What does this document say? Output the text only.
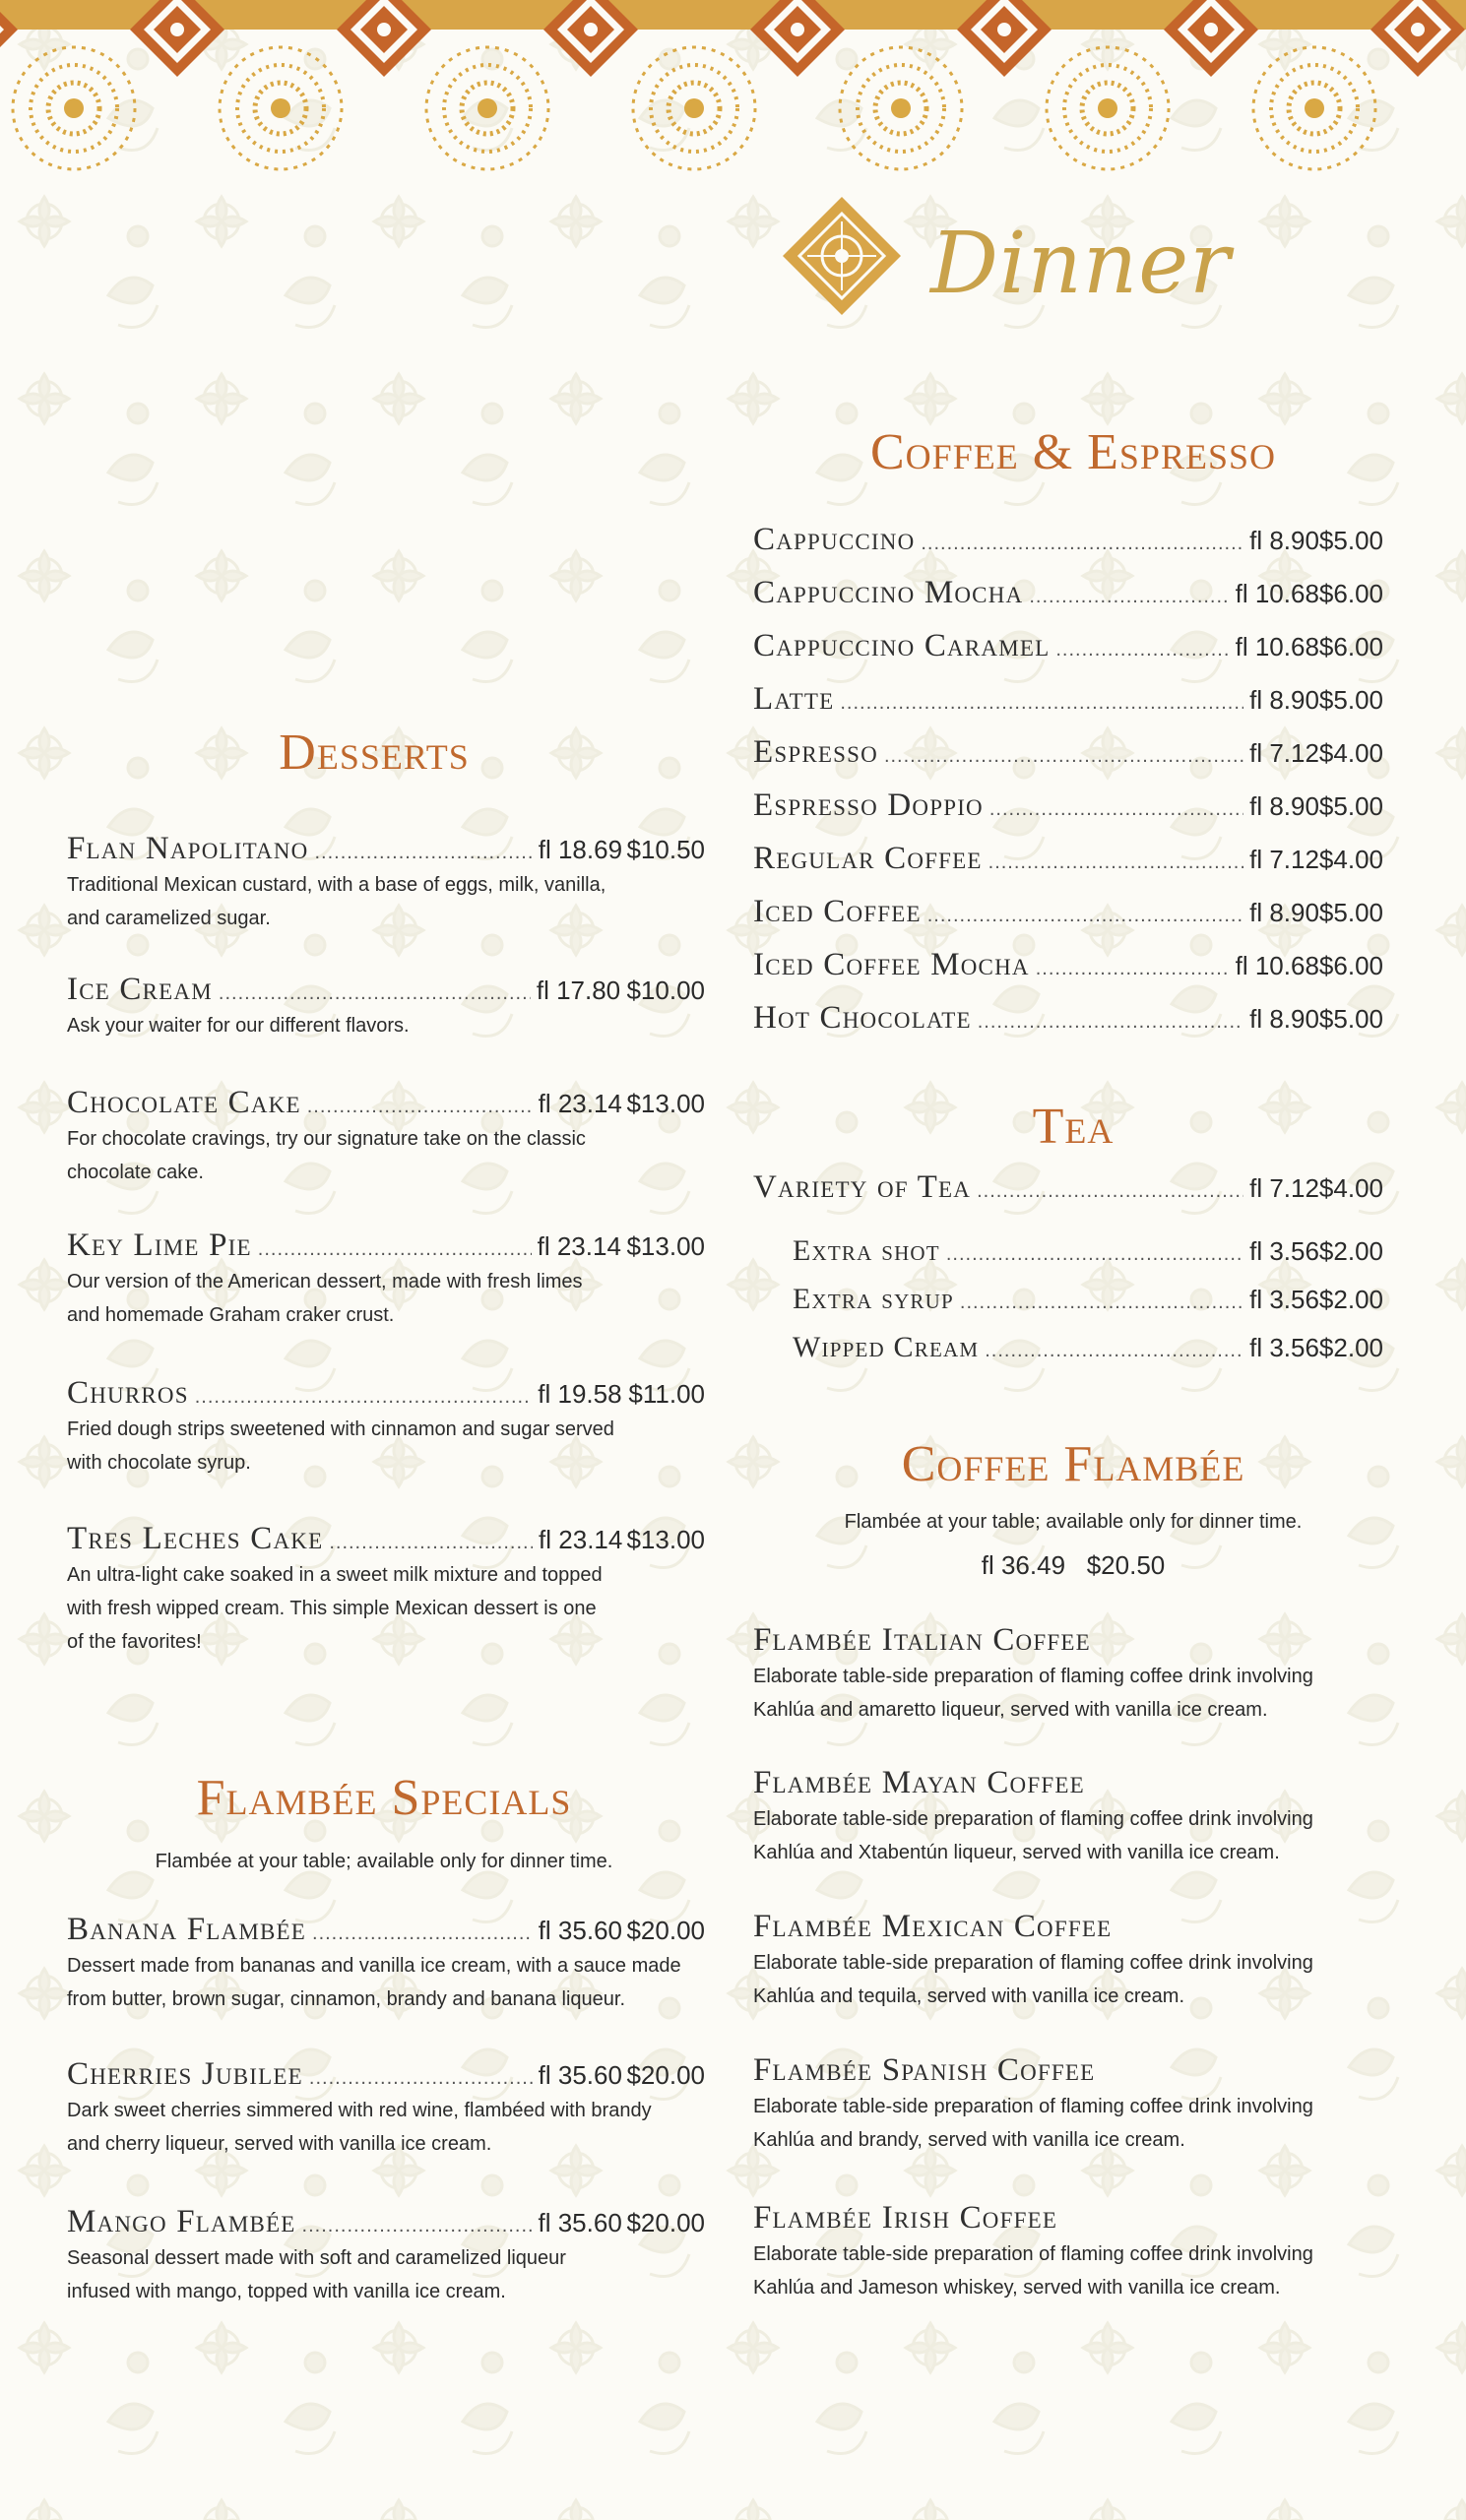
Dinner
Desserts
Flan Napolitano .....	fl 18.69 $10.50
Traditional Mexican custard, with a base of eggs, milk, vanilla,
and caramelized sugar.
Ice Cream .....	fl 17.80 $10.00
Ask your waiter for our different flavors.
Chocolate Cake .....	fl 23.14 $13.00
For chocolate cravings, try our signature take on the classic
chocolate cake.
Key Lime Pie .....	fl 23.14 $13.00
Our version of the American dessert, made with fresh limes
and homemade Graham craker crust.
Churros .....	fl 19.58 $11.00
Fried dough strips sweetened with cinnamon and sugar served
with chocolate syrup.
Tres Leches Cake .....	fl 23.14 $13.00
An ultra-light cake soaked in a sweet milk mixture and topped
with fresh wipped cream. This simple Mexican dessert is one
of the favorites!
Flambée Specials
Flambée at your table; available only for dinner time.
Banana Flambée .....	fl 35.60 $20.00
Dessert made from bananas and vanilla ice cream, with a sauce made
from butter, brown sugar, cinnamon, brandy and banana liqueur.
Cherries Jubilee .....	fl 35.60 $20.00
Dark sweet cherries simmered with red wine, flambéed with brandy
and cherry liqueur, served with vanilla ice cream.
Mango Flambée .....	fl 35.60 $20.00
Seasonal dessert made with soft and caramelized liqueur
infused with mango, topped with vanilla ice cream.
Coffee & Espresso
Cappuccino .....	fl 8.90 $5.00
Cappuccino Mocha .....	fl 10.68 $6.00
Cappuccino Caramel .....	fl 10.68 $6.00
Latte .....	fl 8.90 $5.00
Espresso .....	fl 7.12 $4.00
Espresso Doppio .....	fl 8.90 $5.00
Regular Coffee .....	fl 7.12 $4.00
Iced Coffee .....	fl 8.90 $5.00
Iced Coffee Mocha .....	fl 10.68 $6.00
Hot Chocolate .....	fl 8.90 $5.00
Tea
Variety of Tea .....	fl 7.12 $4.00
Extra shot .....	fl 3.56 $2.00
Extra syrup .....	fl 3.56 $2.00
Wipped Cream .....	fl 3.56 $2.00
Coffee Flambée
Flambée at your table; available only for dinner time.
fl 36.49 $20.50
Flambée Italian Coffee
Elaborate table-side preparation of flaming coffee drink involving
Kahlúa and amaretto liqueur, served with vanilla ice cream.
Flambée Mayan Coffee
Elaborate table-side preparation of flaming coffee drink involving
Kahlúa and Xtabentún liqueur, served with vanilla ice cream.
Flambée Mexican Coffee
Elaborate table-side preparation of flaming coffee drink involving
Kahlúa and tequila, served with vanilla ice cream.
Flambée Spanish Coffee
Elaborate table-side preparation of flaming coffee drink involving
Kahlúa and brandy, served with vanilla ice cream.
Flambée Irish Coffee
Elaborate table-side preparation of flaming coffee drink involving
Kahlúa and Jameson whiskey, served with vanilla ice cream.
